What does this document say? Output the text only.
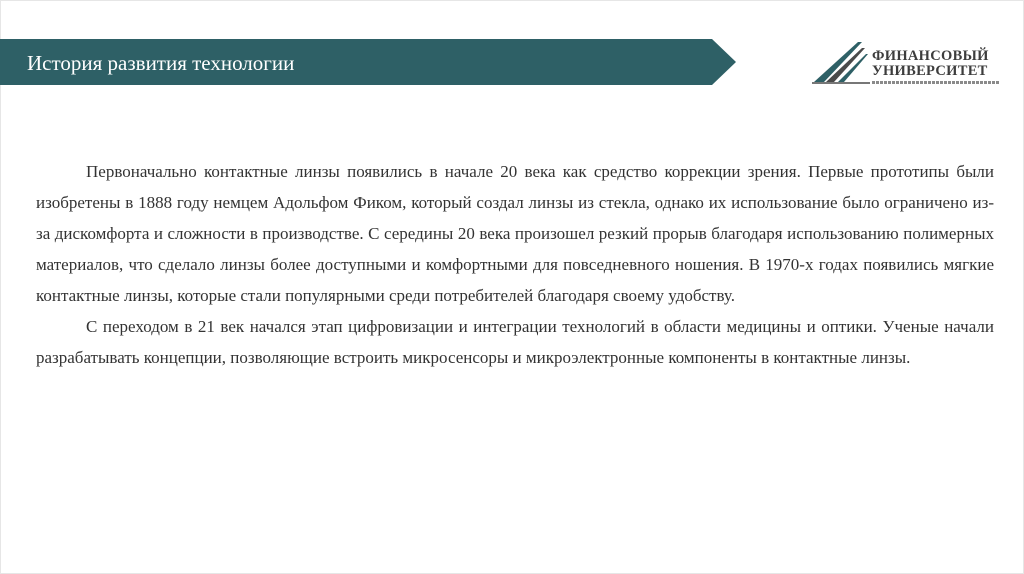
История развития технологии	ФИНАНСОВЫЙ
УНИВЕРСИТЕТ

Первоначально контактные линзы появились в начале 20 века как средство коррекции зрения. Первые прототипы были изобретены в 1888 году немцем Адольфом Фиком, который создал линзы из стекла, однако их использование было ограничено из-за дискомфорта и сложности в производстве. С середины 20 века произошел резкий прорыв благодаря использованию полимерных материалов, что сделало линзы более доступными и комфортными для повседневного ношения. В 1970-х годах появились мягкие контактные линзы, которые стали популярными среди потребителей благодаря своему удобству.

С переходом в 21 век начался этап цифровизации и интеграции технологий в области медицины и оптики. Ученые начали разрабатывать концепции, позволяющие встроить микросенсоры и микроэлектронные компоненты в контактные линзы.
